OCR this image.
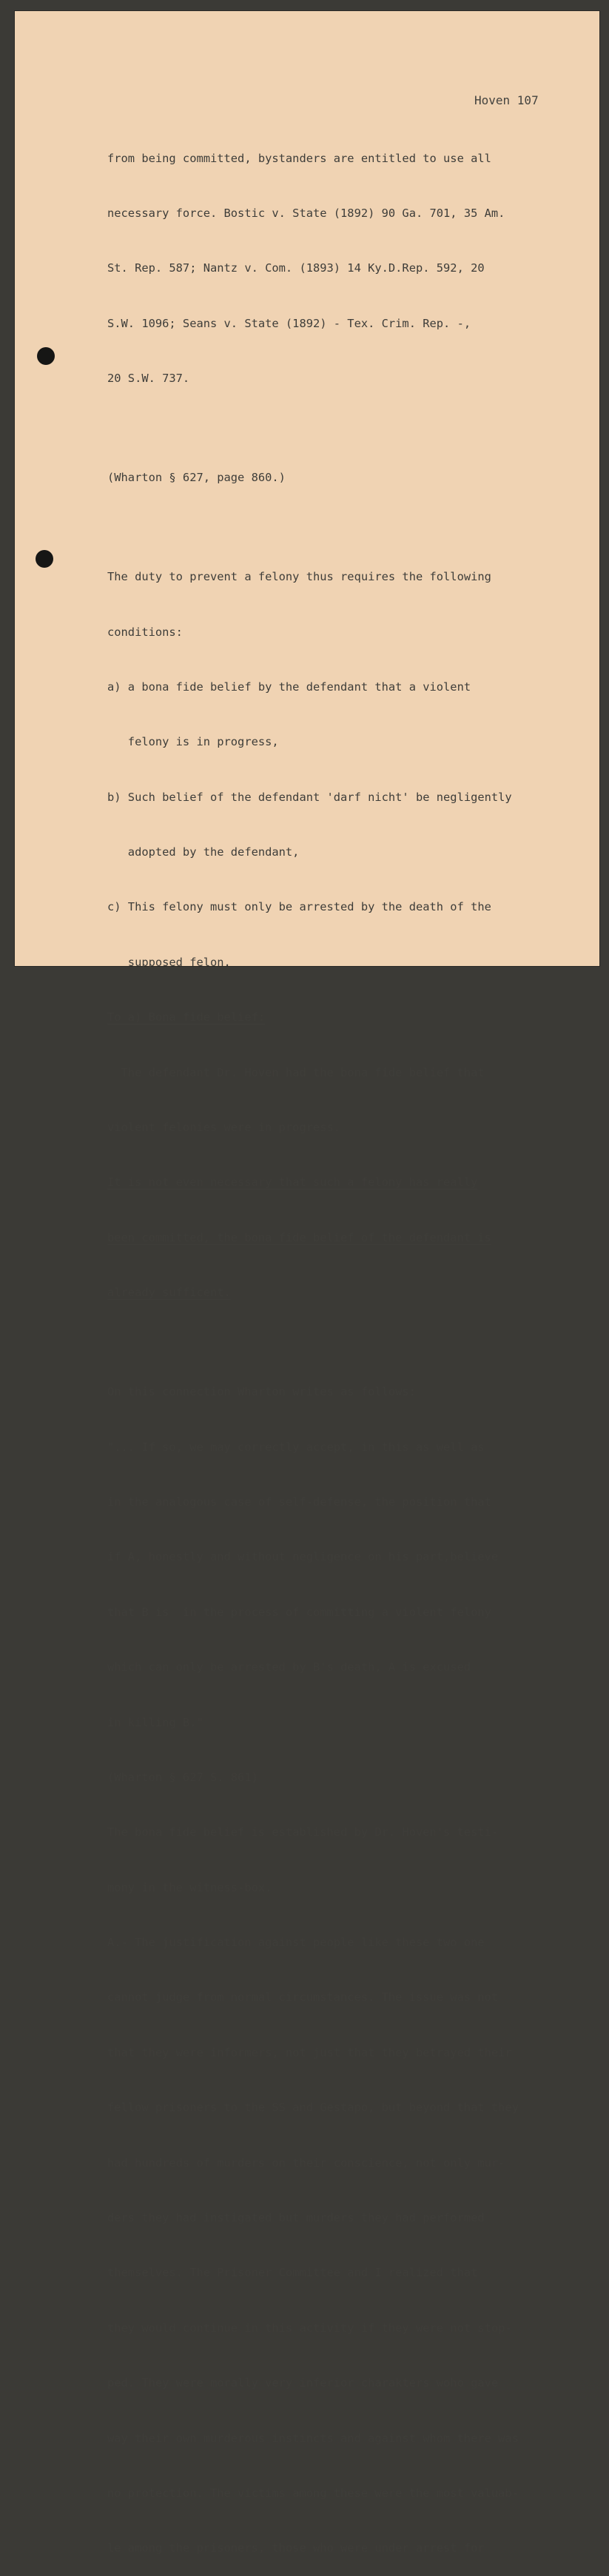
Hoven 107

from being committed, bystanders are entitled to use all

necessary force. Bostic v. State (1892) 90 Ga. 701, 35 Am.

St. Rep. 587; Nantz v. Com. (1893) 14 Ky.D.Rep. 592, 20

S.W. 1096; Seans v. State (1892) - Tex. Crim. Rep. -,

20 S.W. 737.

(Wharton § 627, page 860.)

The duty to prevent a felony thus requires the following

conditions:

a) a bona fide belief by the defendant that a violent

felony is in progress,

b) Such belief of the defendant 'darf nicht' be negligently

adopted by the defendant,

c) This felony must only be arrested by the death of the

supposed felon.

To a) Bona fide belief:

The defendant Dr. Hoven had the bona fide belief that

violent felonies were in progress.

It is not even necessary that such a felony has really

been committed, the bona fide belief of the defendant is

already sufficent.

On this connection Wharton writes as follows:

"... If so, we may correctly accept, in this as well as

in the analogous case of self-defense, the position that

if A, honestly and without negligence on his part,believe

that B is  in the process of committing a violent felony

which can only be arrested by B's death, A is excused

in killing B."

(Wharton § 627 S. 861)

The bona fide belief is established by Dr. Hoven's testi-

mony in the witness-box.

A.- The justification against people like these two one

cannot judge from normal circumstances. The issue was not

that they were informers, not just that they betrayed their

fellow prisoners to the SS and Gestapo, but beyond that they

had hundreds of murders on their conscience, not only mur-

ders they had instigated but murders they had performed

themselves. The Prisoner Committee and I realized that

they would continue in this activity if they were not stop-

ped. They were morally very inferior charakters woho gave

way their own murderous instincts and against whom there was

no protection. The victims among these were the most valuab-

le among the prisoners, those who were under arrest for
